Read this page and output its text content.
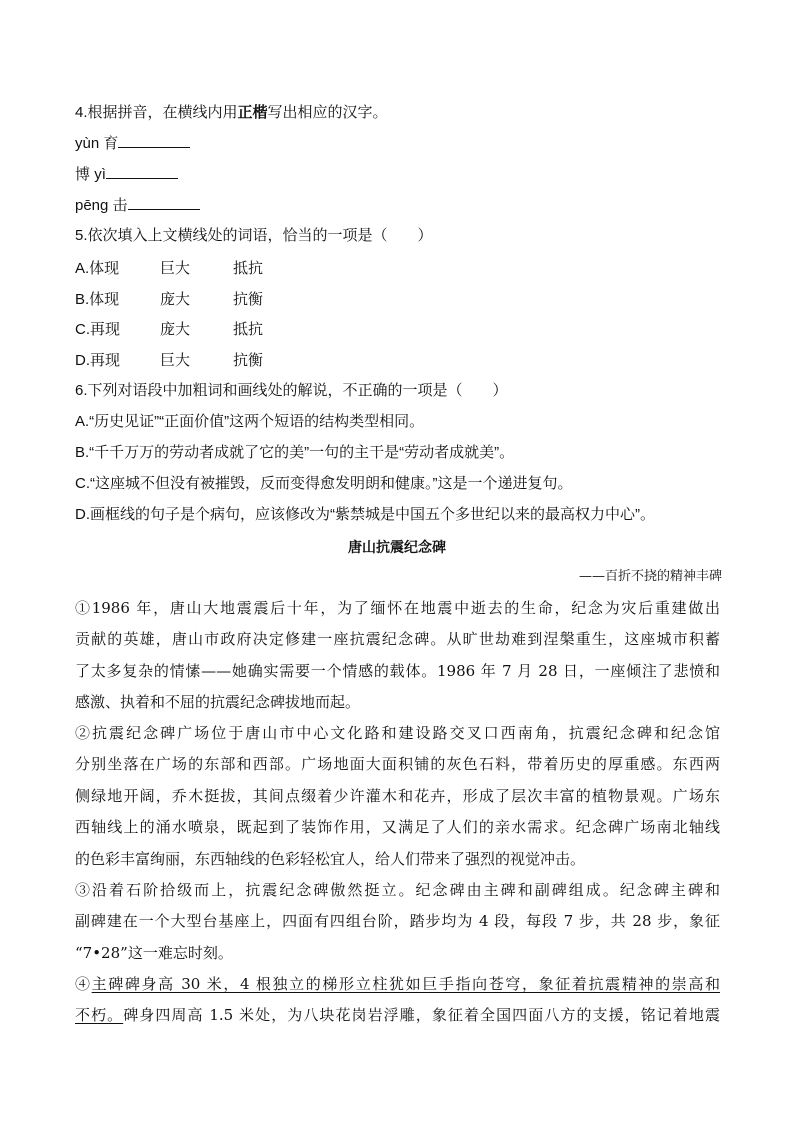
4.根据拼音，在横线内用正楷写出相应的汉字。
yùn 育
博 yì
pēng 击
5.依次填入上文横线处的词语，恰当的一项是（　　）
A.体现	巨大	抵抗
B.体现	庞大	抗衡
C.再现	庞大	抵抗
D.再现	巨大	抗衡
6.下列对语段中加粗词和画线处的解说，不正确的一项是（　　）
A.“历史见证”“正面价值”这两个短语的结构类型相同。
B.“千千万万的劳动者成就了它的美”一句的主干是“劳动者成就美”。
C.“这座城不但没有被摧毁，反而变得愈发明朗和健康。”这是一个递进复句。
D.画框线的句子是个病句，应该修改为“紫禁城是中国五个多世纪以来的最高权力中心”。
唐山抗震纪念碑
——百折不挠的精神丰碑
①1986 年，唐山大地震震后十年，为了缅怀在地震中逝去的生命，纪念为灾后重建做出
贡献的英雄，唐山市政府决定修建一座抗震纪念碑。从旷世劫难到涅槃重生，这座城市积蓄
了太多复杂的情愫——她确实需要一个情感的载体。1986 年 7 月 28 日，一座倾注了悲愤和
感激、执着和不屈的抗震纪念碑拔地而起。
②抗震纪念碑广场位于唐山市中心文化路和建设路交叉口西南角，抗震纪念碑和纪念馆
分别坐落在广场的东部和西部。广场地面大面积铺的灰色石料，带着历史的厚重感。东西两
侧绿地开阔，乔木挺拔，其间点缀着少许灌木和花卉，形成了层次丰富的植物景观。广场东
西轴线上的涌水喷泉，既起到了装饰作用，又满足了人们的亲水需求。纪念碑广场南北轴线
的色彩丰富绚丽，东西轴线的色彩轻松宜人，给人们带来了强烈的视觉冲击。
③沿着石阶拾级而上，抗震纪念碑傲然挺立。纪念碑由主碑和副碑组成。纪念碑主碑和
副碑建在一个大型台基座上，四面有四组台阶，踏步均为 4 段，每段 7 步，共 28 步，象征
“7•28”这一难忘时刻。
④主碑碑身高 30 米，4 根独立的梯形立柱犹如巨手指向苍穹，象征着抗震精神的崇高和
不朽。碑身四周高 1.5 米处，为八块花岗岩浮雕，象征着全国四面八方的支援，铭记着地震
